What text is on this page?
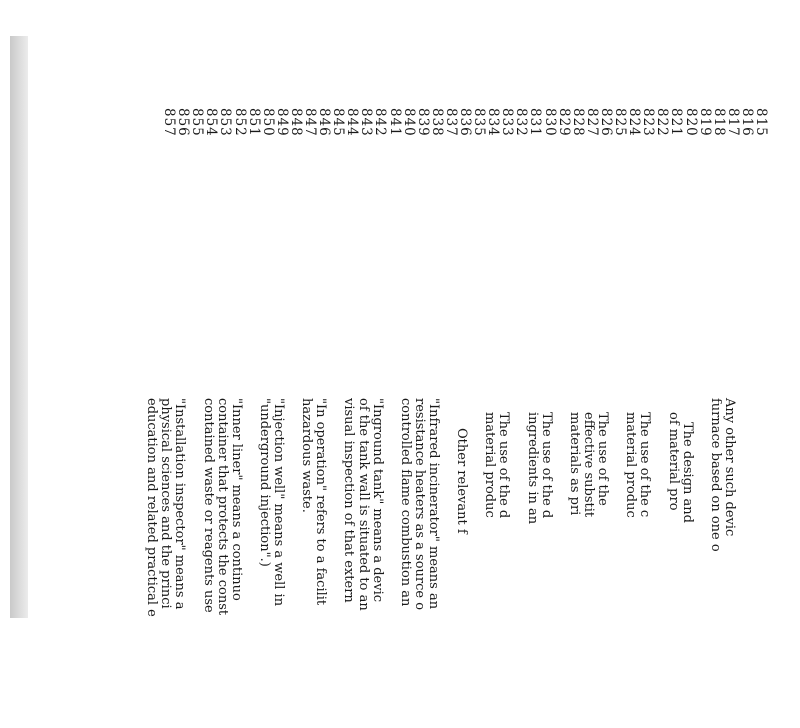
815
816
817
818
819
820
821
822
823
824
825
826
827
828
829
830
831
832
833
834
835
836
837
838
839
840
841
842
843
844
845
846
847
848
849
850
851
852
853
854
855
856
857
Any other such devic
furnace based on one o
The design and
of material pro
The use of the c
material produc
The use of the
effective substit
materials as pri
The use of the d
ingredients in an
The use of the d
material produc
Other relevant f
"Infrared incinerator" means an
resistance heaters as a source o
controlled flame combustion an
"Inground tank" means a devic
of the tank wall is situated to an
visual inspection of that extern
"In operation" refers to a facilit
hazardous waste.
"Injection well" means a well in
"underground injection".)
"Inner liner" means a continuo
container that protects the const
contained waste or reagents use
"Installation inspector" means a
physical sciences and the princi
education and related practical e
